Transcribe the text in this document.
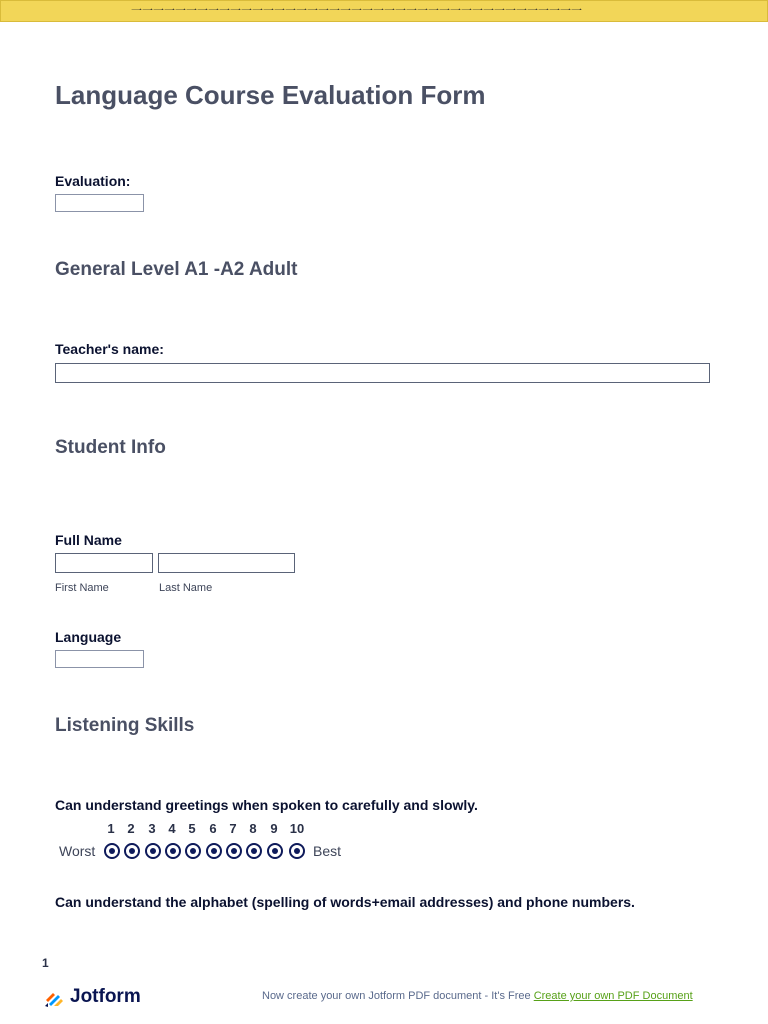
⼀⼀⼀⼀⼀⼀⼀⼀⼀⼀⼀⼀⼀⼀⼀⼀⼀⼀⼀⼀⼀⼀⼀⼀⼀⼀⼀⼀⼀⼀⼀⼀⼀⼀⼀⼀⼀⼀⼀⼀⼀
Language Course Evaluation Form
Evaluation:
General Level A1 -A2 Adult
Teacher's name:
Student Info
Full Name
First Name	Last Name
Language
Listening Skills
Can understand greetings when spoken to carefully and slowly.
1 2	3 4 5	6 7 8	9 10
Worst	Best
Can understand the alphabet (spelling of words+email addresses) and phone numbers.
1
Jotform	Now create your own Jotform PDF document - It's Free Create your own PDF Document
